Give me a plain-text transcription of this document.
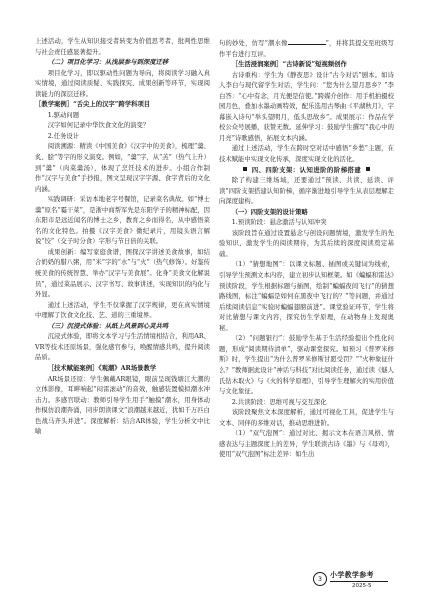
上述活动，学生从知识接受者转变为价值思考者，批判性思维与社会责任感显著提升。

（二）项目化学习：从浅层参与到深度迁移

项目化学习，即以驱动性问题为导向，将阅读学习融入真实情境，通过阅读质疑、实践探究、成果创新等环节，实现阅读能力的深层迁移。

［教学案例］“舌尖上的汉字”跨学科项目

1.驱动问题

汉字如何记录中华饮食文化的演变？

2.任务设计

阅读溯源：精读《中国美食》《汉字中的美食》，梳理“羹、炙、脍”等字的形义演变。例如，“羹”字，从“羔”（热气上升）到“羹”（肉菜羹汤），体现了烹饪技术的进步。小组合作制作“汉字与美食”手抄报，图文呈现汉字字源、食字背后的文化内涵。

实践调研：采访本地老字号餐馆，记录菜名典故。如“博士羹”原名“霉干菜”，是浙中商帮军先是东阳学子的精神标配，因东阳市是远近闻名的博士之乡，教育之乡而得名，从中感悟菜名的文化特色。拍摄《汉字美食》微纪录片，用镜头语言解说“饺”（交子时分食）字形与节日倍的关联。

成果创新：编写家庭食谱，图探汉字讲述美食故事，如结合奶奶的腊八粥，用“米”字的“水”与“火”（热气修饰）。好鉴传统美食的传统智慧、举办“汉字与美食展”。化身“美食文化解说员”，通过菜品展示、汉字书写、故事讲述，实现知识的内化与外显。

通过上述活动，学生不仅掌握了汉字规律，更在真实情境中理解了饮食文化技、艺、道的三重境界。

（三）沉浸式体验：从纸上风景到心灵共鸣

沉浸式体验，即将文本学习与生活情境相结合，利用AR、VR等技术还原场景，强化感官参与，唤醒情感共鸣，提升阅读品质。

［技术赋能案例］《观潮》AR场景教学

AR场景还原：学生佩戴AR眼镜，眼前呈现钱塘江大潮的立体影像，耳畔响起“闷雷滚动”的音效，触感装置模拟潮水冲击力。多感官联动：教师引导学生用手“触摸”潮水，用身体动作模仿浪潮奔涌，同步朗读课文“浪潮越来越近，犹如千万匹白色战马齐头并进”。深度解析：结合AR体验，学生分析文中比喻

句的妙处，仿写“潮水像	”，并将其提交至班级写作平台进行互评。

［生活浸润案例］“古诗新说”短视频创作

古诗重构：学生为《静夜思》设计“古今对话”剧本。如诗人李白与现代留学生对话，学生问：“您为什么望月思乡？”李白答：“心中有念，月光便是信使。”跨媒介创作：用手机拍摄校园月色，叠加水墨动画特效，配乐选用古琴曲《平湖秋月》，字幕嵌入诗句“举头望明月，低头思故乡”。成果展示：作品在学校公众号展播，获赞无数。延伸学习：鼓励学生撰写“我心中的月亮”诗歌感悟，拓展文本内涵。

通过上述活动，学生在跨时空对话中感悟“乡愁”主题，在技术赋能中实现文化传承，深度实现文化的活化。

四、四阶支架：认知进阶的阶梯搭建

除了构建三维场域，还要通过“预读、共读、延读、评读”四阶支架搭建认知阶梯，循序渐进地引导学生从表层理解走向深度建构。

（一）四阶支架的设计策略

1.预读阶段：悬念激活与认知冲突

该阶段旨在通过设置悬念与创设问题情境，激发学生的先验知识，激发学生的阅读期待，为其后续的深度阅读奠定基础。

（1）“猜想地图”：以课文标题、插图或关键词为线索，引导学生预测文本内容，建立初步认知框架。如《蝙蝠和雷达》预读阶段，学生根据标题与插图，绘制“蝙蝠夜间飞行”的猜想路线图，标注“蝙蝠是如何在黑夜中飞行的？”等问题，并通过后续阅读信息“实验时蝙蝠翅膀前进”。课堂验证环节，学生将对比猜想与课文内容，探究仿生学原理，在动物身上发现奥秘。

（2）“问题银行”：鼓励学生基于生活经验提出个性化问题，形成“阅读期待清单”，驱动课堂探究。如预习《普罗米修斯》时，学生提出“为什么普罗米修斯甘愿受罚？”“火种象征什么？”教师据此设计“神话与科技”对比阅读任务，通过读《燧人氏钻木取火》与《火的科学原理》，引导学生理解火的实用价值与文化象征。

2.共读阶段：思维可视与交互深化

该阶段聚焦文本深度解析，通过可视化工具，促进学生与文本、同伴的多维对话，推动思维进阶。

（1）“双气泡图”：通过对比、揭示文本在语言风格、情感表达与主题深度上的差异，学生联读古诗《墨》与《母鸡》，使用“双气泡图”标注差异：如生出

3	小学教学参考
2025-5
